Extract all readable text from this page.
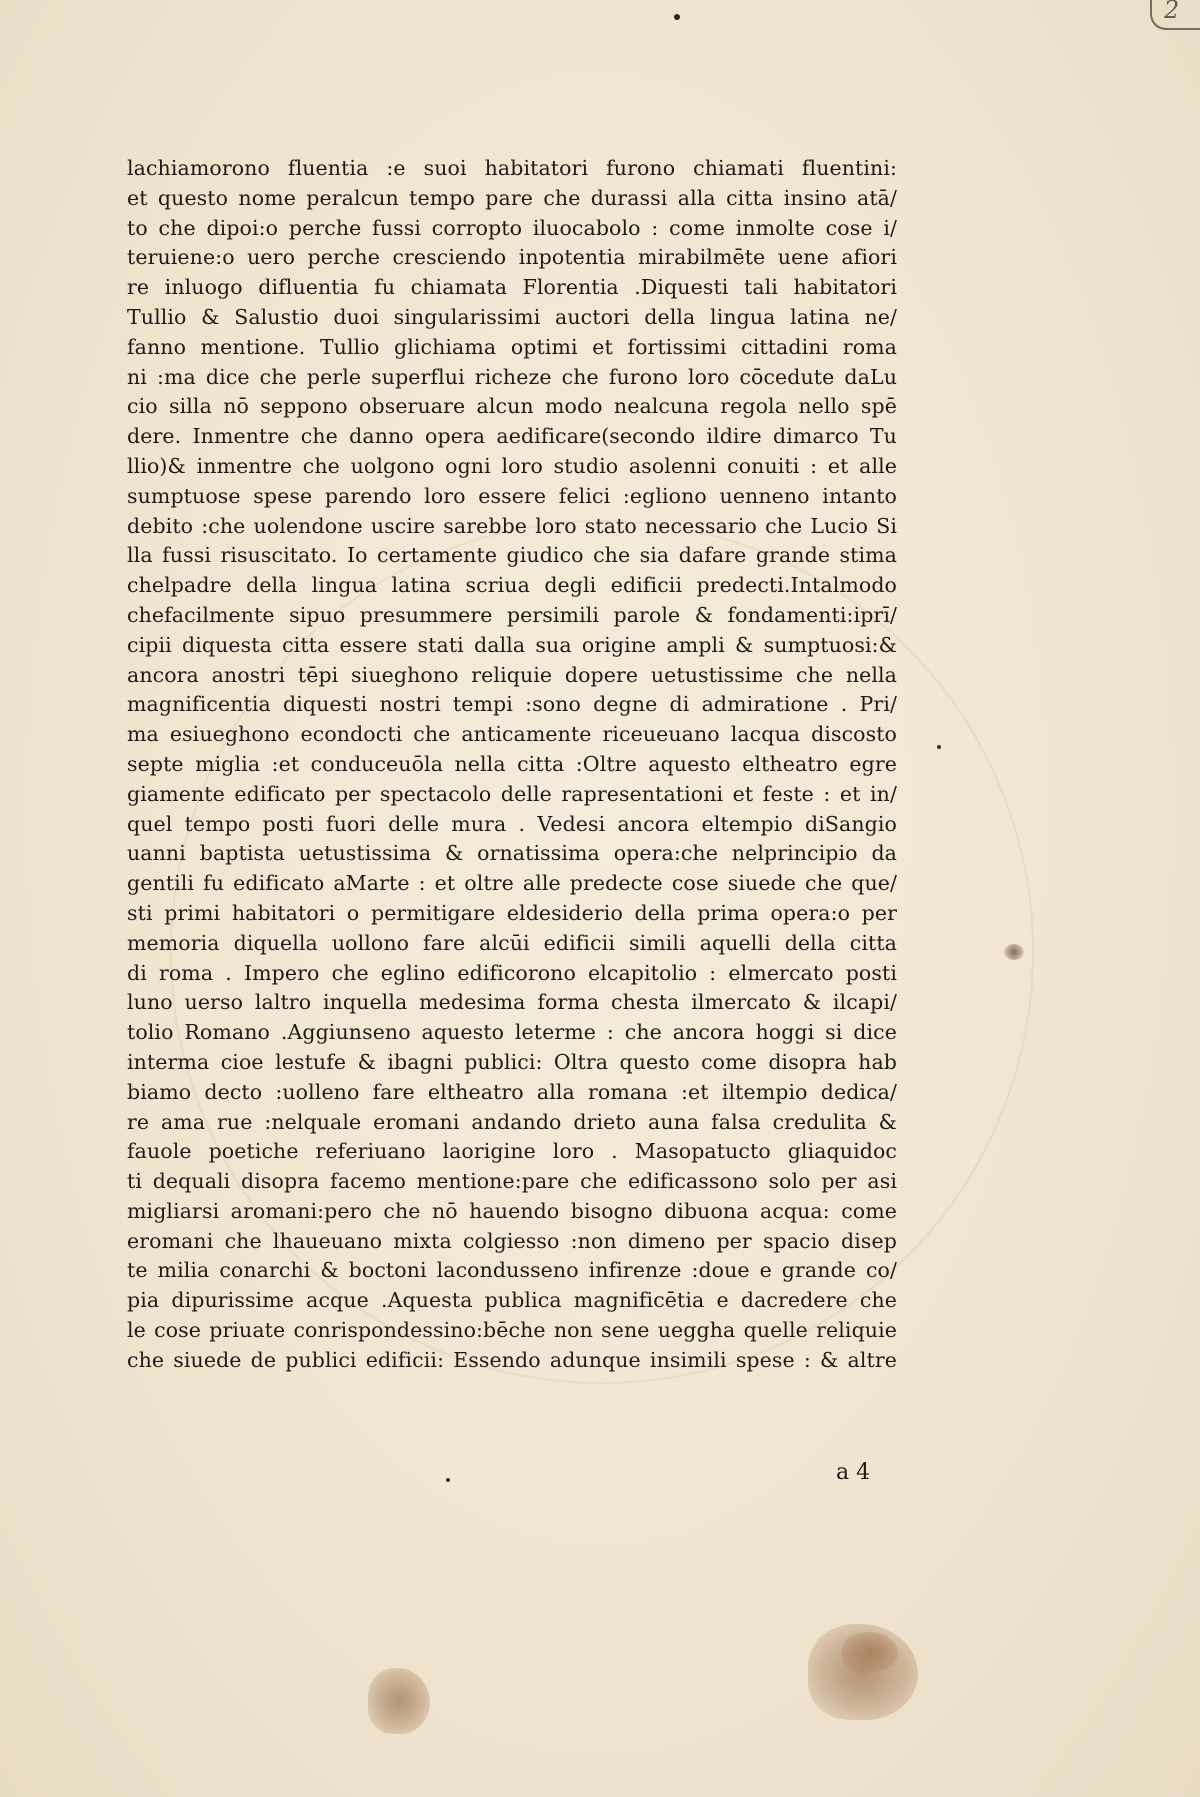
2
lachiamorono fluentia :e suoi habitatori furono chiamati fluentini:
et questo nome peralcun tempo pare che durassi alla citta insino atā/
to che dipoi:o perche fussi corropto iluocabolo : come inmolte cose i/
teruiene:o uero perche cresciendo inpotentia mirabilmēte uene afiori
re inluogo difluentia fu chiamata Florentia .Diquesti tali habitatori
Tullio & Salustio duoi singularissimi auctori della lingua latina ne/
fanno mentione. Tullio glichiama optimi et fortissimi cittadini roma
ni :ma dice che perle superflui richeze che furono loro cōcedute daLu
cio silla nō seppono obseruare alcun modo nealcuna regola nello spē
dere. Inmentre che danno opera aedificare(secondo ildire dimarco Tu
llio)& inmentre che uolgono ogni loro studio asolenni conuiti : et alle
sumptuose spese parendo loro essere felici :egliono uenneno intanto
debito :che uolendone uscire sarebbe loro stato necessario che Lucio Si
lla fussi risuscitato. Io certamente giudico che sia dafare grande stima
chelpadre della lingua latina scriua degli edificii predecti.Intalmodo
chefacilmente sipuo presummere persimili parole & fondamenti:iprī/
cipii diquesta citta essere stati dalla sua origine ampli & sumptuosi:&
ancora anostri tēpi siueghono reliquie dopere uetustissime che nella
magnificentia diquesti nostri tempi :sono degne di admiratione . Pri/
ma esiueghono econdocti che anticamente riceueuano lacqua discosto
septe miglia :et conduceuōla nella citta :Oltre aquesto eltheatro egre
giamente edificato per spectacolo delle rapresentationi et feste : et in/
quel tempo posti fuori delle mura . Vedesi ancora eltempio diSangio
uanni baptista uetustissima & ornatissima opera:che nelprincipio da
gentili fu edificato aMarte : et oltre alle predecte cose siuede che que/
sti primi habitatori o permitigare eldesiderio della prima opera:o per
memoria diquella uollono fare alcūi edificii simili aquelli della citta
di roma . Impero che eglino edificorono elcapitolio : elmercato posti
luno uerso laltro inquella medesima forma chesta ilmercato & ilcapi/
tolio Romano .Aggiunseno aquesto leterme : che ancora hoggi si dice
interma cioe lestufe & ibagni publici: Oltra questo come disopra hab
biamo decto :uolleno fare eltheatro alla romana :et iltempio dedica/
re ama rue :nelquale eromani andando drieto auna falsa credulita &
fauole poetiche referiuano laorigine loro . Masopatucto gliaquidoc
ti dequali disopra facemo mentione:pare che edificassono solo per asi
migliarsi aromani:pero che nō hauendo bisogno dibuona acqua: come
eromani che lhaueuano mixta colgiesso :non dimeno per spacio disep
te milia conarchi & boctoni lacondusseno infirenze :doue e grande co/
pia dipurissime acque .Aquesta publica magnificētia e dacredere che
le cose priuate conrispondessino:bēche non sene ueggha quelle reliquie
che siuede de publici edificii: Essendo adunque insimili spese : & altre
a 4
